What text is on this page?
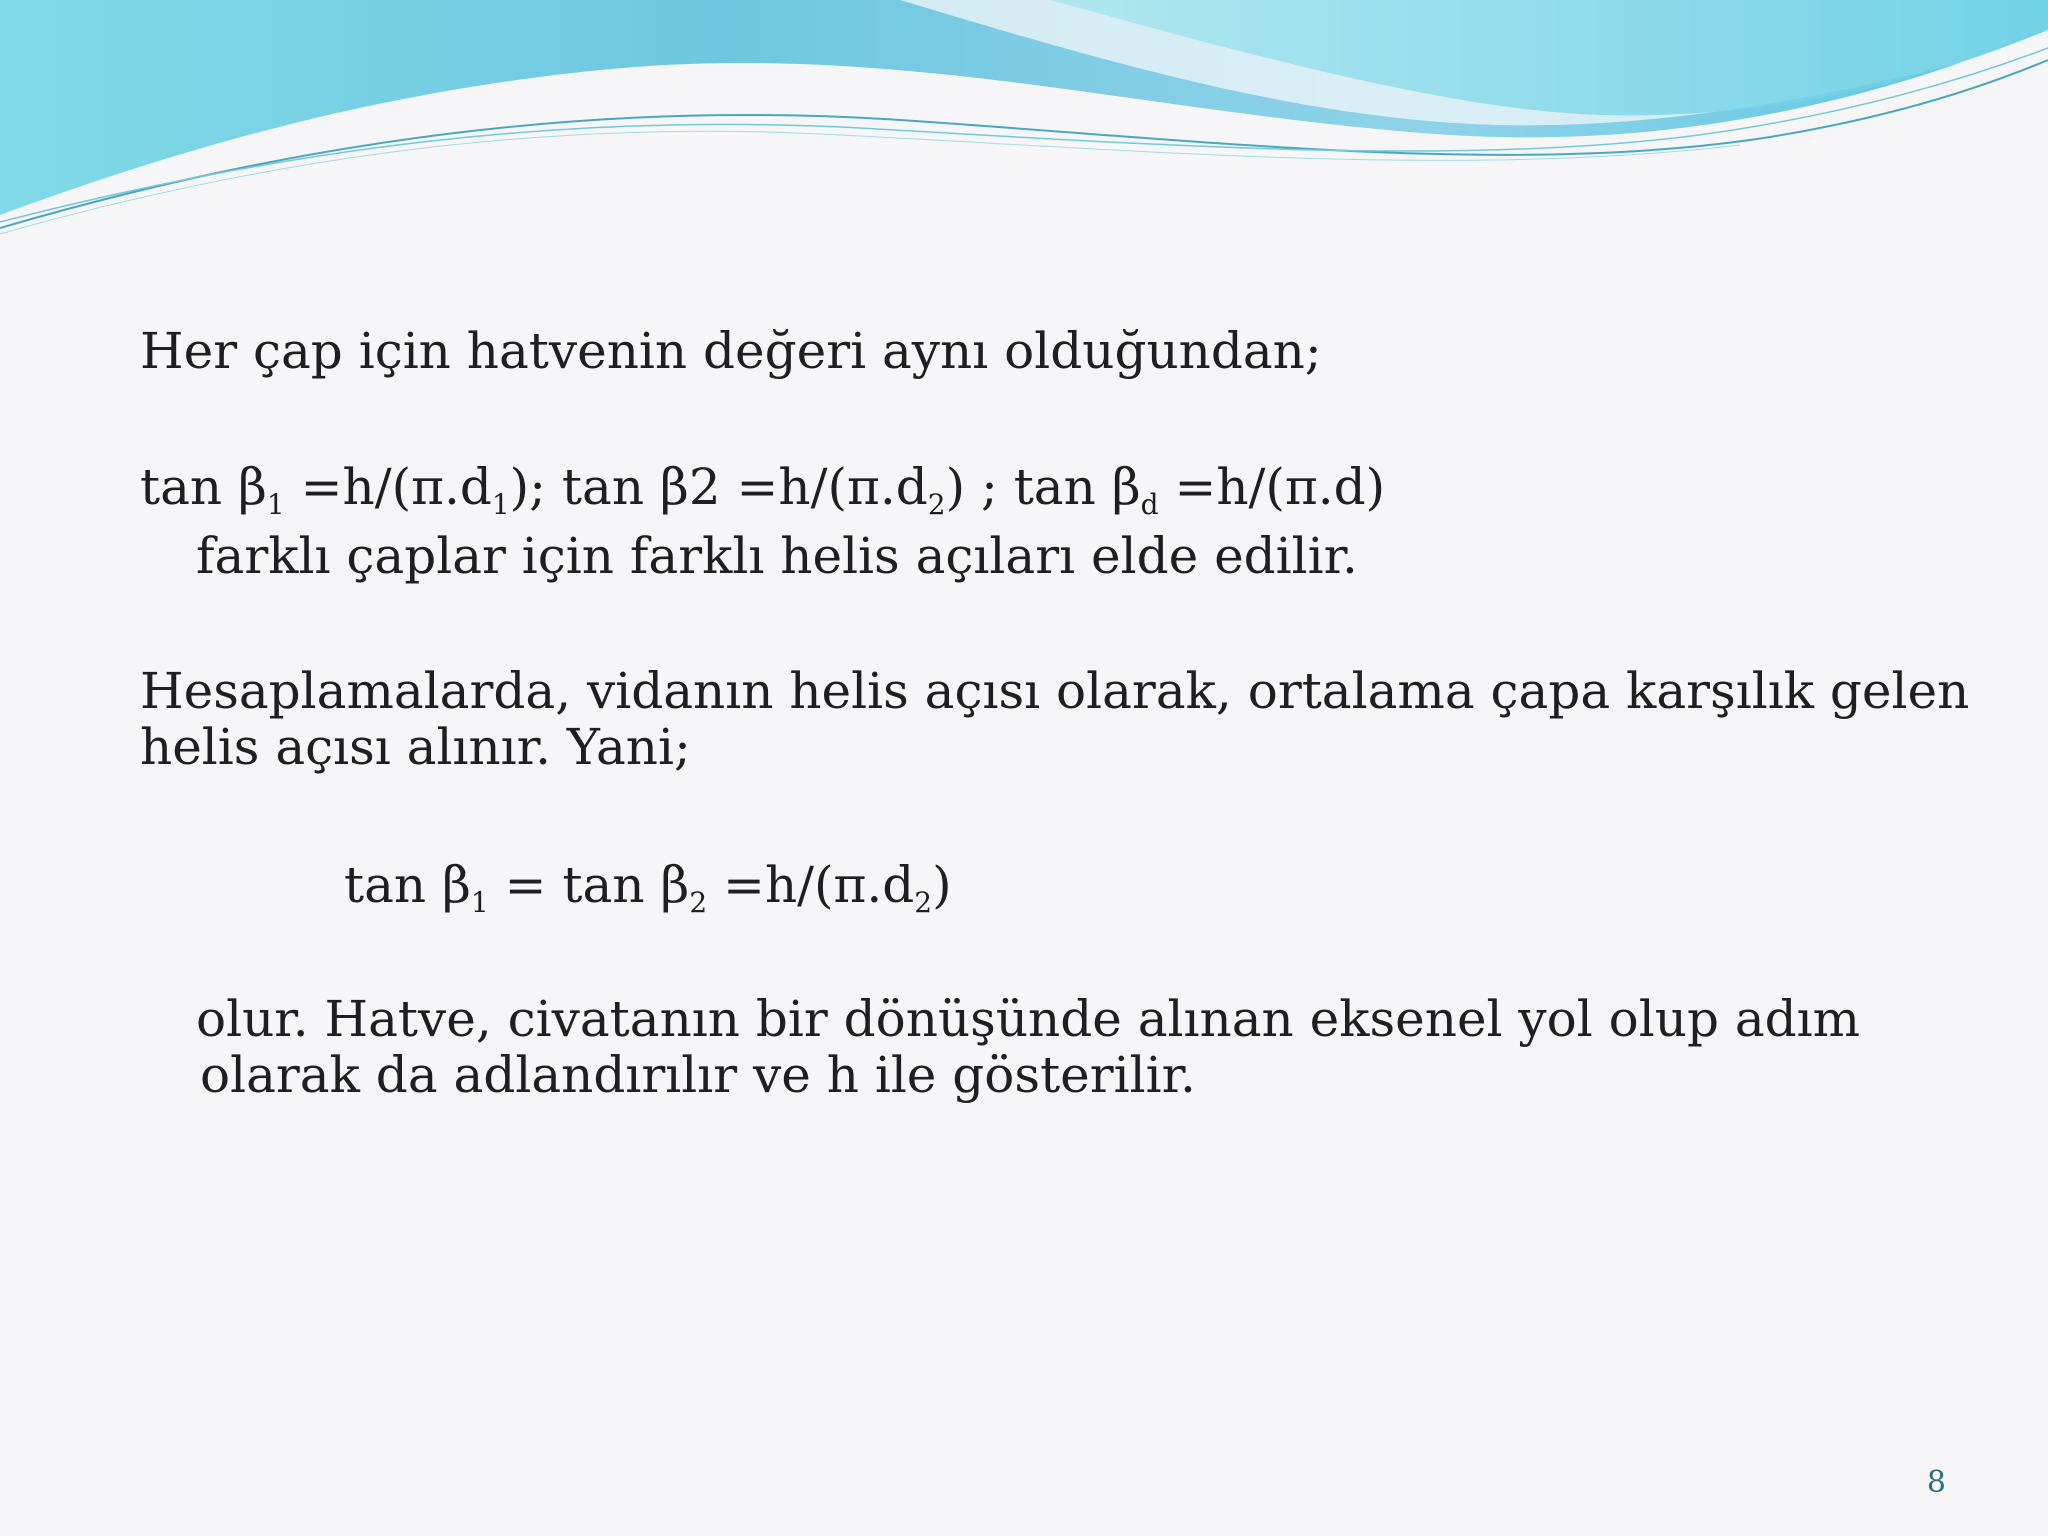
Her çap için hatvenin değeri aynı olduğundan;
$\tan \beta_1 =h/(\pi.d_1)$; $\tan \beta 2 =h/(\pi.d_2)$ ; $\tan \beta_d =h/(\pi.d)$
farklı çaplar için farklı helis açıları elde edilir.
Hesaplamalarda, vidanın helis açısı olarak, ortalama çapa karşılık gelen
helis açısı alınır. Yani;
$\tan \beta_1 = \tan \beta_2 =h/(\pi.d_2)$
olur. Hatve, civatanın bir dönüşünde alınan eksenel yol olup adım
olarak da adlandırılır ve h ile gösterilir.
8
